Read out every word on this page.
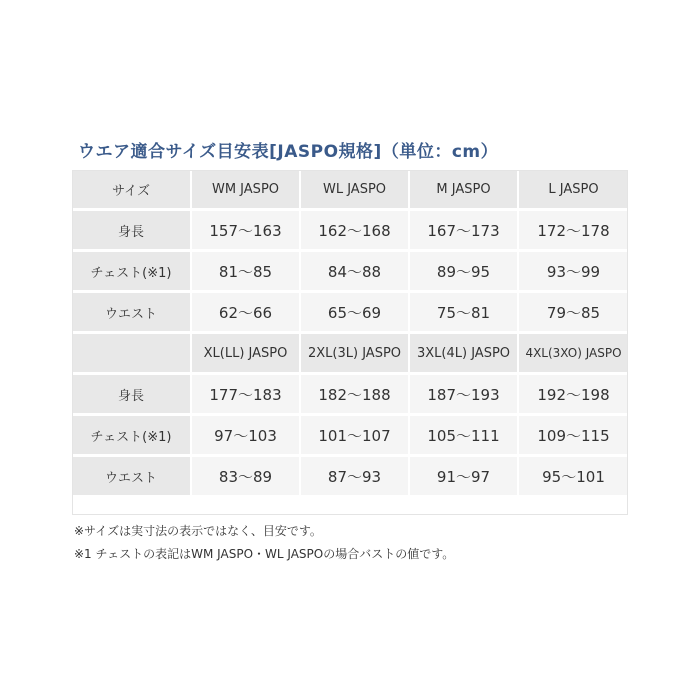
ウエア適合サイズ目安表[JASPO規格]（単位：cm）
サイズ	WM JASPO	WL JASPO	M JASPO	L JASPO
身長	157～163	162～168	167～173	172～178
チェスト(※1)	81～85	84～88	89～95	93～99
ウエスト	62～66	65～69	75～81	79～85
	XL(LL) JASPO	2XL(3L) JASPO	3XL(4L) JASPO	4XL(3XO) JASPO
身長	177～183	182～188	187～193	192～198
チェスト(※1)	97～103	101～107	105～111	109～115
ウエスト	83～89	87～93	91～97	95～101
※サイズは実寸法の表示ではなく、目安です。
※1 チェストの表記はWM JASPO・WL JASPOの場合バストの値です。
